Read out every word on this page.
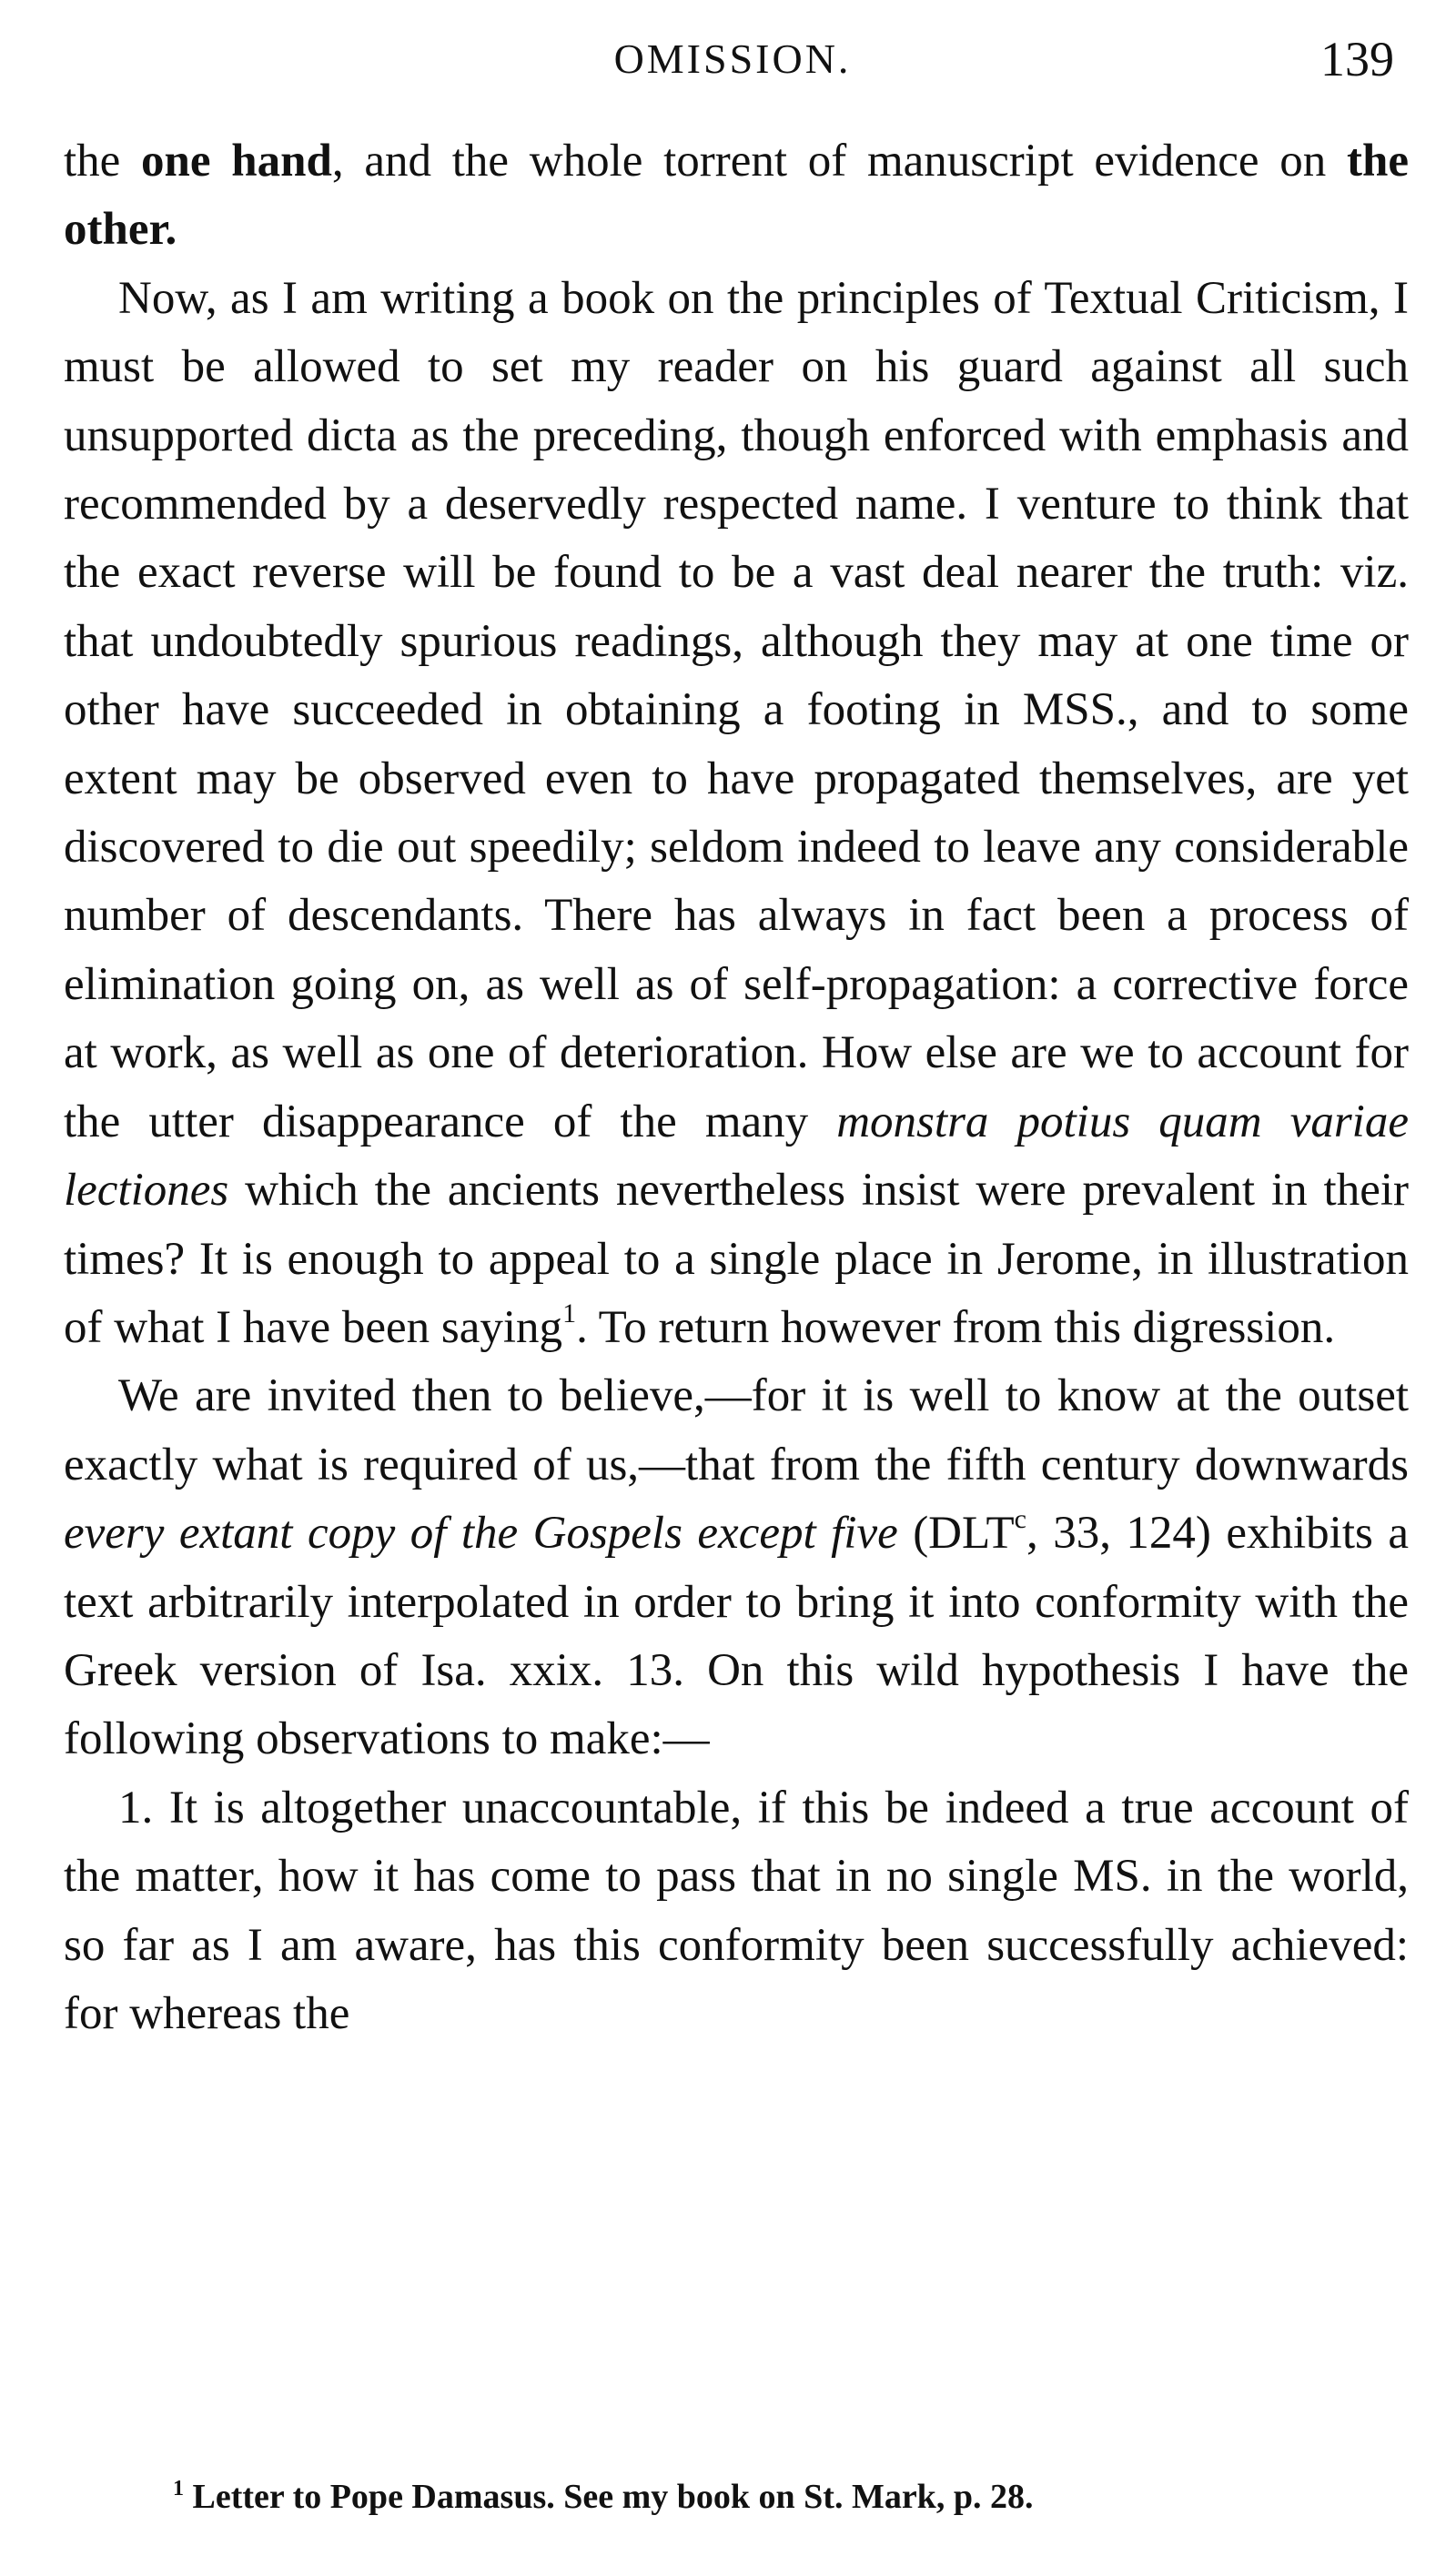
OMISSION.	139

the one hand, and the whole torrent of manuscript evidence on the other.

Now, as I am writing a book on the principles of Textual Criticism, I must be allowed to set my reader on his guard against all such unsupported dicta as the preceding, though enforced with emphasis and recommended by a deservedly respected name. I venture to think that the exact reverse will be found to be a vast deal nearer the truth: viz. that undoubtedly spurious readings, although they may at one time or other have succeeded in obtaining a footing in MSS., and to some extent may be observed even to have propagated themselves, are yet discovered to die out speedily; seldom indeed to leave any considerable number of descendants. There has always in fact been a process of elimination going on, as well as of self-propagation: a corrective force at work, as well as one of deterioration. How else are we to account for the utter disappearance of the many monstra potius quam variae lectiones which the ancients nevertheless insist were prevalent in their times? It is enough to appeal to a single place in Jerome, in illustration of what I have been saying$^1$. To return however from this digression.

We are invited then to believe,—for it is well to know at the outset exactly what is required of us,—that from the fifth century downwards every extant copy of the Gospels except five (DLT$^c$, 33, 124) exhibits a text arbitrarily interpolated in order to bring it into conformity with the Greek version of Isa. xxix. 13. On this wild hypothesis I have the following observations to make:—

1. It is altogether unaccountable, if this be indeed a true account of the matter, how it has come to pass that in no single MS. in the world, so far as I am aware, has this conformity been successfully achieved: for whereas the

$^1$ Letter to Pope Damasus. See my book on St. Mark, p. 28.
